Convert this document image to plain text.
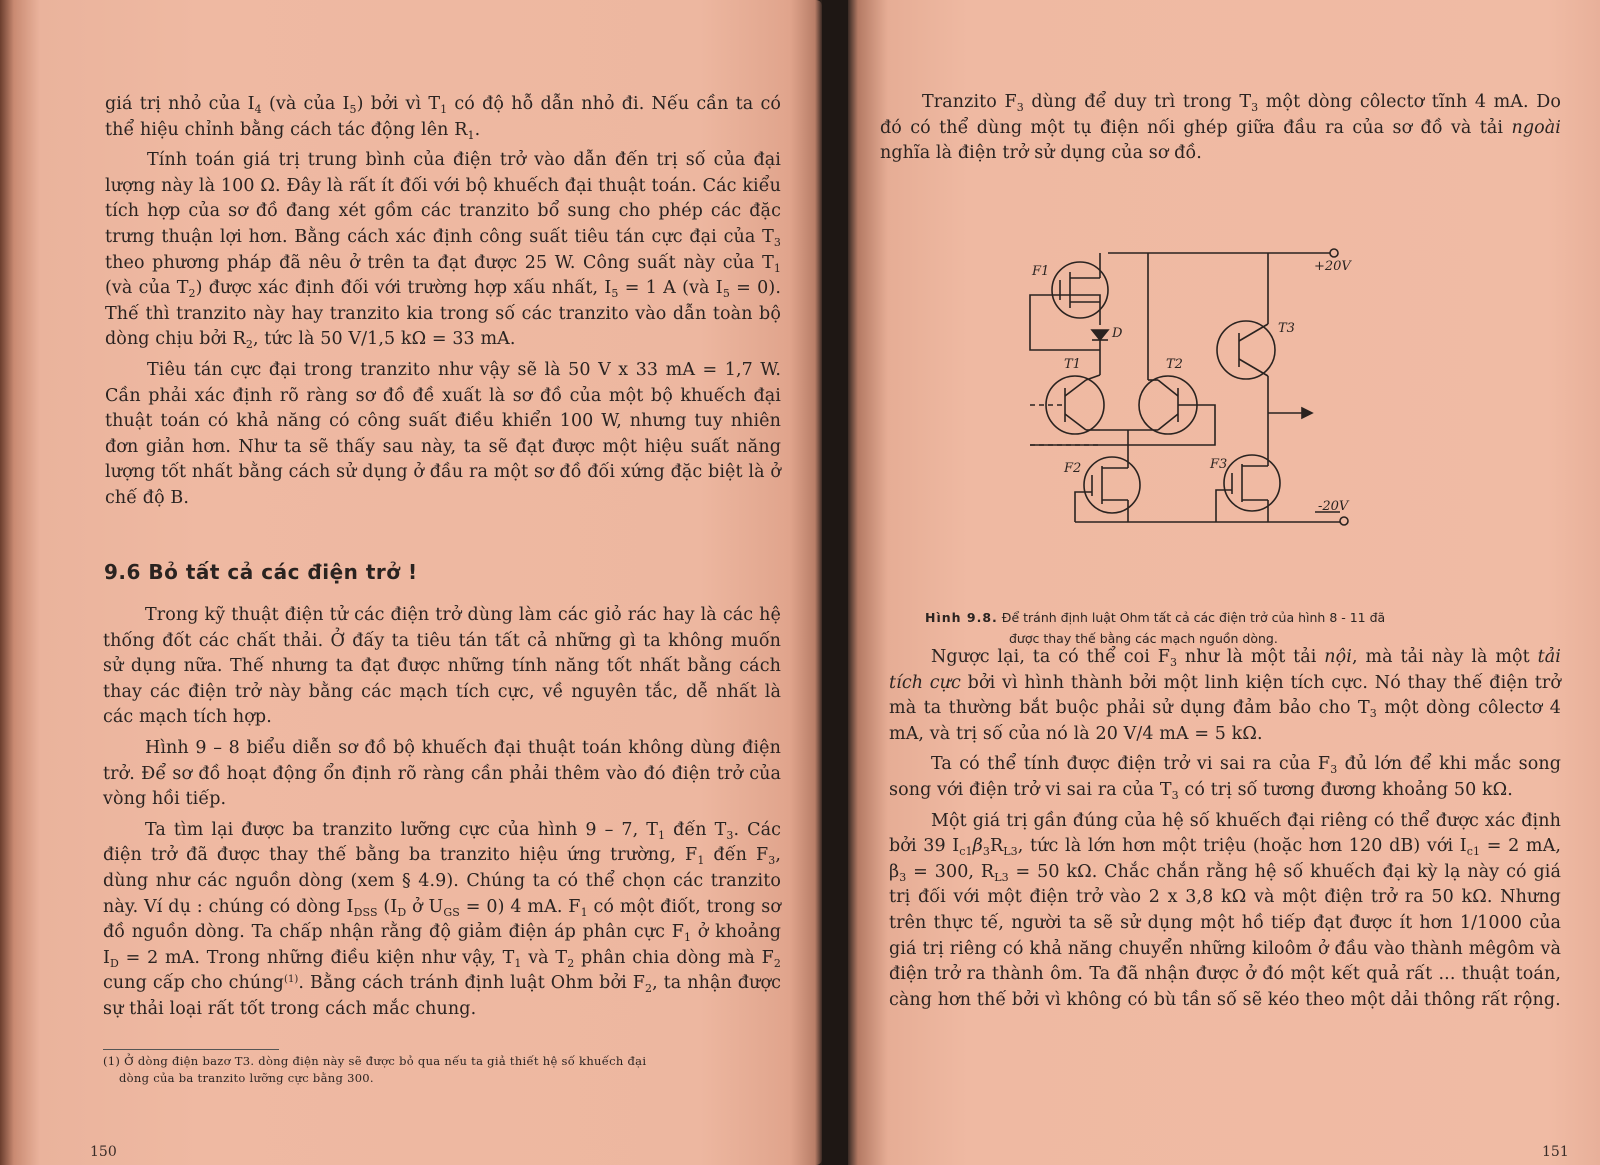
giá trị nhỏ của $I_4$ (và của $I_5$) bởi vì $T_1$ có độ hỗ dẫn nhỏ đi. Nếu cần ta có thể hiệu chỉnh bằng cách tác động lên $R_1$.

Tính toán giá trị trung bình của điện trở vào dẫn đến trị số của đại lượng này là 100 Ω. Đây là rất ít đối với bộ khuếch đại thuật toán. Các kiểu tích hợp của sơ đồ đang xét gồm các tranzito bổ sung cho phép các đặc trưng thuận lợi hơn. Bằng cách xác định công suất tiêu tán cực đại của $T_3$ theo phương pháp đã nêu ở trên ta đạt được 25 W. Công suất này của $T_1$ (và của $T_2$) được xác định đối với trường hợp xấu nhất, $I_5 = 1$ A (và $I_5 = 0$). Thế thì tranzito này hay tranzito kia trong số các tranzito vào dẫn toàn bộ dòng chịu bởi $R_2$, tức là 50 V/1,5 kΩ = 33 mA.

Tiêu tán cực đại trong tranzito như vậy sẽ là 50 V x 33 mA = 1,7 W. Cần phải xác định rõ ràng sơ đồ đề xuất là sơ đồ của một bộ khuếch đại thuật toán có khả năng có công suất điều khiển 100 W, nhưng tuy nhiên đơn giản hơn. Như ta sẽ thấy sau này, ta sẽ đạt được một hiệu suất năng lượng tốt nhất bằng cách sử dụng ở đầu ra một sơ đồ đối xứng đặc biệt là ở chế độ B.

9.6 Bỏ tất cả các điện trở !

Trong kỹ thuật điện tử các điện trở dùng làm các giỏ rác hay là các hệ thống đốt các chất thải. Ở đấy ta tiêu tán tất cả những gì ta không muốn sử dụng nữa. Thế nhưng ta đạt được những tính năng tốt nhất bằng cách thay các điện trở này bằng các mạch tích cực, về nguyên tắc, dễ nhất là các mạch tích hợp.

Hình 9 – 8 biểu diễn sơ đồ bộ khuếch đại thuật toán không dùng điện trở. Để sơ đồ hoạt động ổn định rõ ràng cần phải thêm vào đó điện trở của vòng hồi tiếp.

Ta tìm lại được ba tranzito lưỡng cực của hình 9 – 7, $T_1$ đến $T_3$. Các điện trở đã được thay thế bằng ba tranzito hiệu ứng trường, $F_1$ đến $F_3$, dùng như các nguồn dòng (xem § 4.9). Chúng ta có thể chọn các tranzito này. Ví dụ : chúng có dòng $I_{DSS}$ ($I_D$ ở $U_{GS} = 0$) 4 mA. $F_1$ có một điốt, trong sơ đồ nguồn dòng. Ta chấp nhận rằng độ giảm điện áp phân cực $F_1$ ở khoảng $I_D = 2$ mA. Trong những điều kiện như vậy, $T_1$ và $T_2$ phân chia dòng mà $F_2$ cung cấp cho chúng$^{(1)}$. Bằng cách tránh định luật Ohm bởi $F_2$, ta nhận được sự thải loại rất tốt trong cách mắc chung.

(1) Ở dòng điện bazơ T3. dòng điện này sẽ được bỏ qua nếu ta giả thiết hệ số khuếch đại
dòng của ba tranzito lưỡng cực bằng 300.
150

Tranzito $F_3$ dùng để duy trì trong $T_3$ một dòng côlectơ tĩnh 4 mA. Do đó có thể dùng một tụ điện nối ghép giữa đầu ra của sơ đồ và tải ngoài nghĩa là điện trở sử dụng của sơ đồ.

F1
D
T1	T2
T3
F2	F3
+20V
-20V
Hình 9.8. Để tránh định luật Ohm tất cả các điện trở của hình 8 - 11 đã
được thay thế bằng các mạch nguồn dòng.

Ngược lại, ta có thể coi $F_3$ như là một tải nội, mà tải này là một tải tích cực bởi vì hình thành bởi một linh kiện tích cực. Nó thay thế điện trở mà ta thường bắt buộc phải sử dụng đảm bảo cho $T_3$ một dòng côlectơ 4 mA, và trị số của nó là 20 V/4 mA = 5 kΩ.

Ta có thể tính được điện trở vi sai ra của $F_3$ đủ lớn để khi mắc song song với điện trở vi sai ra của $T_3$ có trị số tương đương khoảng 50 kΩ.

Một giá trị gần đúng của hệ số khuếch đại riêng có thể được xác định bởi 39 $I_{c1}\beta_3R_{L3}$, tức là lớn hơn một triệu (hoặc hơn 120 dB) với $I_{c1} = 2$ mA, $\beta_3 = 300$, $R_{L3} = 50$ kΩ. Chắc chắn rằng hệ số khuếch đại kỳ lạ này có giá trị đối với một điện trở vào 2 x 3,8 kΩ và một điện trở ra 50 kΩ. Nhưng trên thực tế, người ta sẽ sử dụng một hồ tiếp đạt được ít hơn 1/1000 của giá trị riêng có khả năng chuyển những kiloôm ở đầu vào thành mêgôm và điện trở ra thành ôm. Ta đã nhận được ở đó một kết quả rất ... thuật toán, càng hơn thế bởi vì không có bù tần số sẽ kéo theo một dải thông rất rộng.

151
